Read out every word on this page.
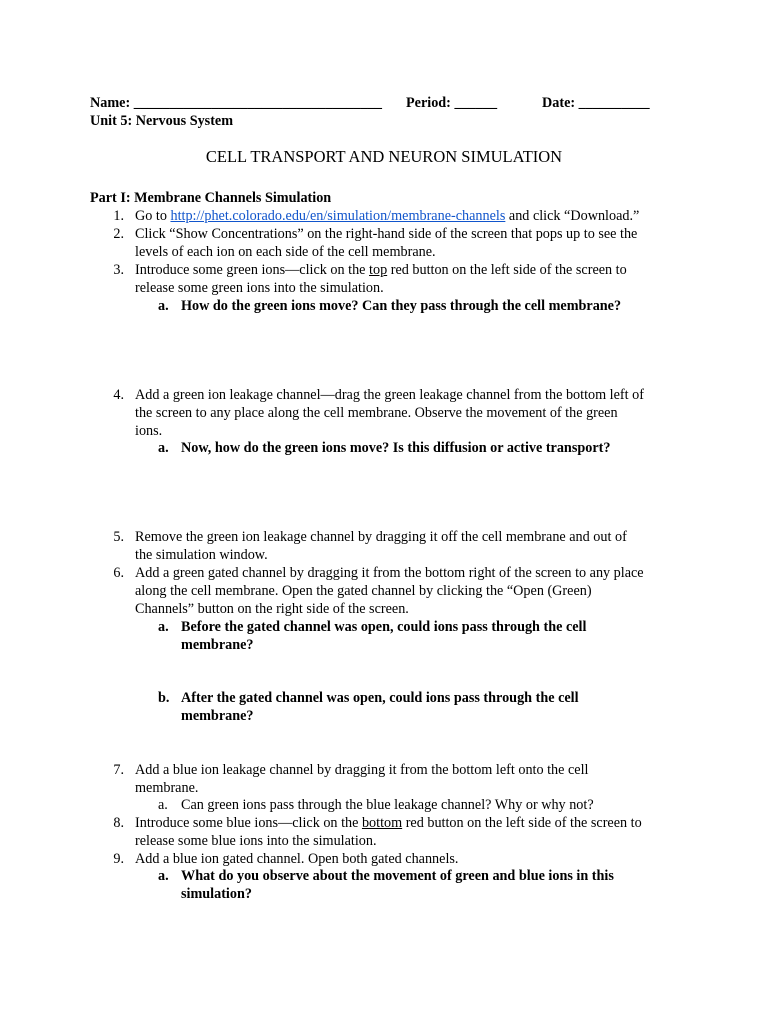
Name: ___________________________________ Period: ______	Date: __________
Unit 5: Nervous System
CELL TRANSPORT AND NEURON SIMULATION
Part I: Membrane Channels Simulation
1. Go to http://phet.colorado.edu/en/simulation/membrane-channels and click “Download.”
2. Click “Show Concentrations” on the right-hand side of the screen that pops up to see the
levels of each ion on each side of the cell membrane.
3. Introduce some green ions—click on the top red button on the left side of the screen to
release some green ions into the simulation.
a. How do the green ions move? Can they pass through the cell membrane?
4. Add a green ion leakage channel—drag the green leakage channel from the bottom left of
the screen to any place along the cell membrane. Observe the movement of the green
ions.
a. Now, how do the green ions move? Is this diffusion or active transport?
5. Remove the green ion leakage channel by dragging it off the cell membrane and out of
the simulation window.
6. Add a green gated channel by dragging it from the bottom right of the screen to any place
along the cell membrane. Open the gated channel by clicking the “Open (Green)
Channels” button on the right side of the screen.
a. Before the gated channel was open, could ions pass through the cell
membrane?
b. After the gated channel was open, could ions pass through the cell
membrane?
7. Add a blue ion leakage channel by dragging it from the bottom left onto the cell
membrane.
a. Can green ions pass through the blue leakage channel? Why or why not?
8. Introduce some blue ions—click on the bottom red button on the left side of the screen to
release some blue ions into the simulation.
9. Add a blue ion gated channel. Open both gated channels.
a. What do you observe about the movement of green and blue ions in this
simulation?
